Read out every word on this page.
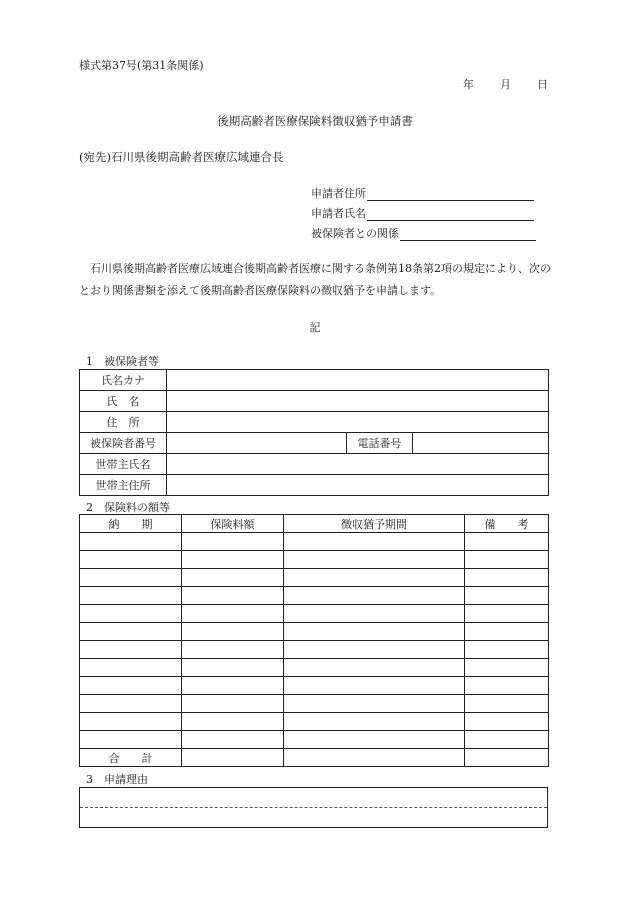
様式第37号(第31条関係)
年 月 日
後期高齢者医療保険料徴収猶予申請書
(宛先)石川県後期高齢者医療広域連合長
申請者住所
申請者氏名
被保険者との関係
石川県後期高齢者医療広域連合後期高齢者医療に関する条例第18条第2項の規定により、次のとおり関係書類を添えて後期高齢者医療保険料の徴収猶予を申請します。
記
1　被保険者等
氏名カナ			
氏　名			
住　所			
被保険者番号		電話番号	
世帯主氏名			
世帯主住所			
2　保険料の額等
納　　期	保険料額	徴収猶予期間	備　　考

合　　計			
3　申請理由
